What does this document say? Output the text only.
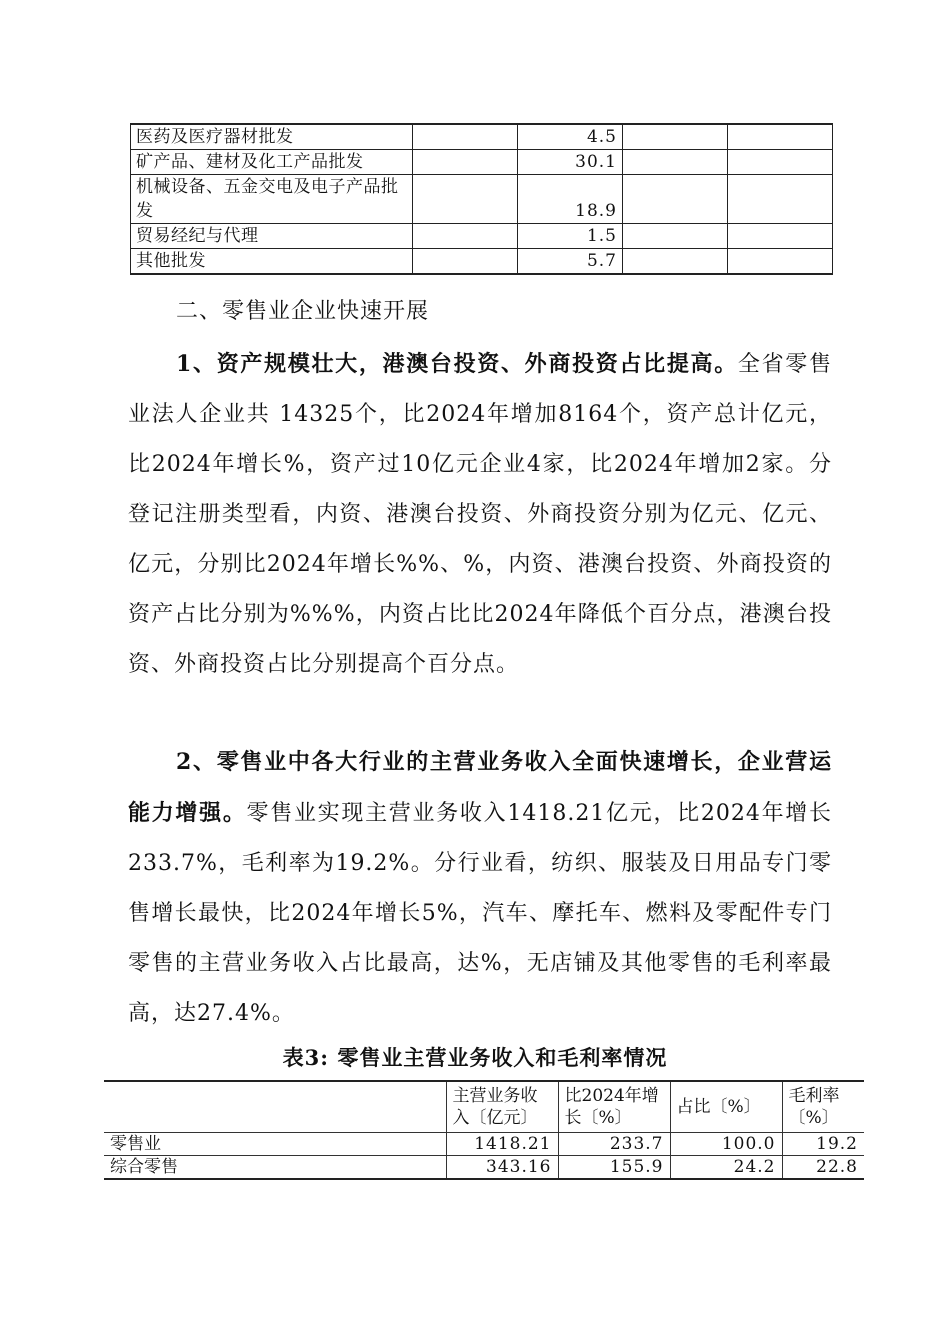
医药及医疗器材批发		4.5		
矿产品、建材及化工产品批发		30.1		
机械设备、五金交电及电子产品批发		18.9		
贸易经纪与代理		1.5		
其他批发		5.7		

二、零售业企业快速开展

1、资产规模壮大，港澳台投资、外商投资占比提高。全省零售业法人企业共 14325个，比2024年增加8164个，资产总计亿元，比2024年增长%，资产过10亿元企业4家，比2024年增加2家。分登记注册类型看，内资、港澳台投资、外商投资分别为亿元、亿元、亿元，分别比2024年增长%%、%，内资、港澳台投资、外商投资的资产占比分别为%%%，内资占比比2024年降低个百分点，港澳台投资、外商投资占比分别提高个百分点。

2、零售业中各大行业的主营业务收入全面快速增长，企业营运能力增强。零售业实现主营业务收入1418.21亿元，比2024年增长233.7%，毛利率为19.2%。分行业看，纺织、服装及日用品专门零售增长最快，比2024年增长5%，汽车、摩托车、燃料及零配件专门零售的主营业务收入占比最高，达%，无店铺及其他零售的毛利率最高，达27.4%。

表3: 零售业主营业务收入和毛利率情况

	主营业务收入〔亿元〕	比2024年增长〔%〕	占比〔%〕	毛利率〔%〕
零售业	1418.21	233.7	100.0	19.2
综合零售	343.16	155.9	24.2	22.8
